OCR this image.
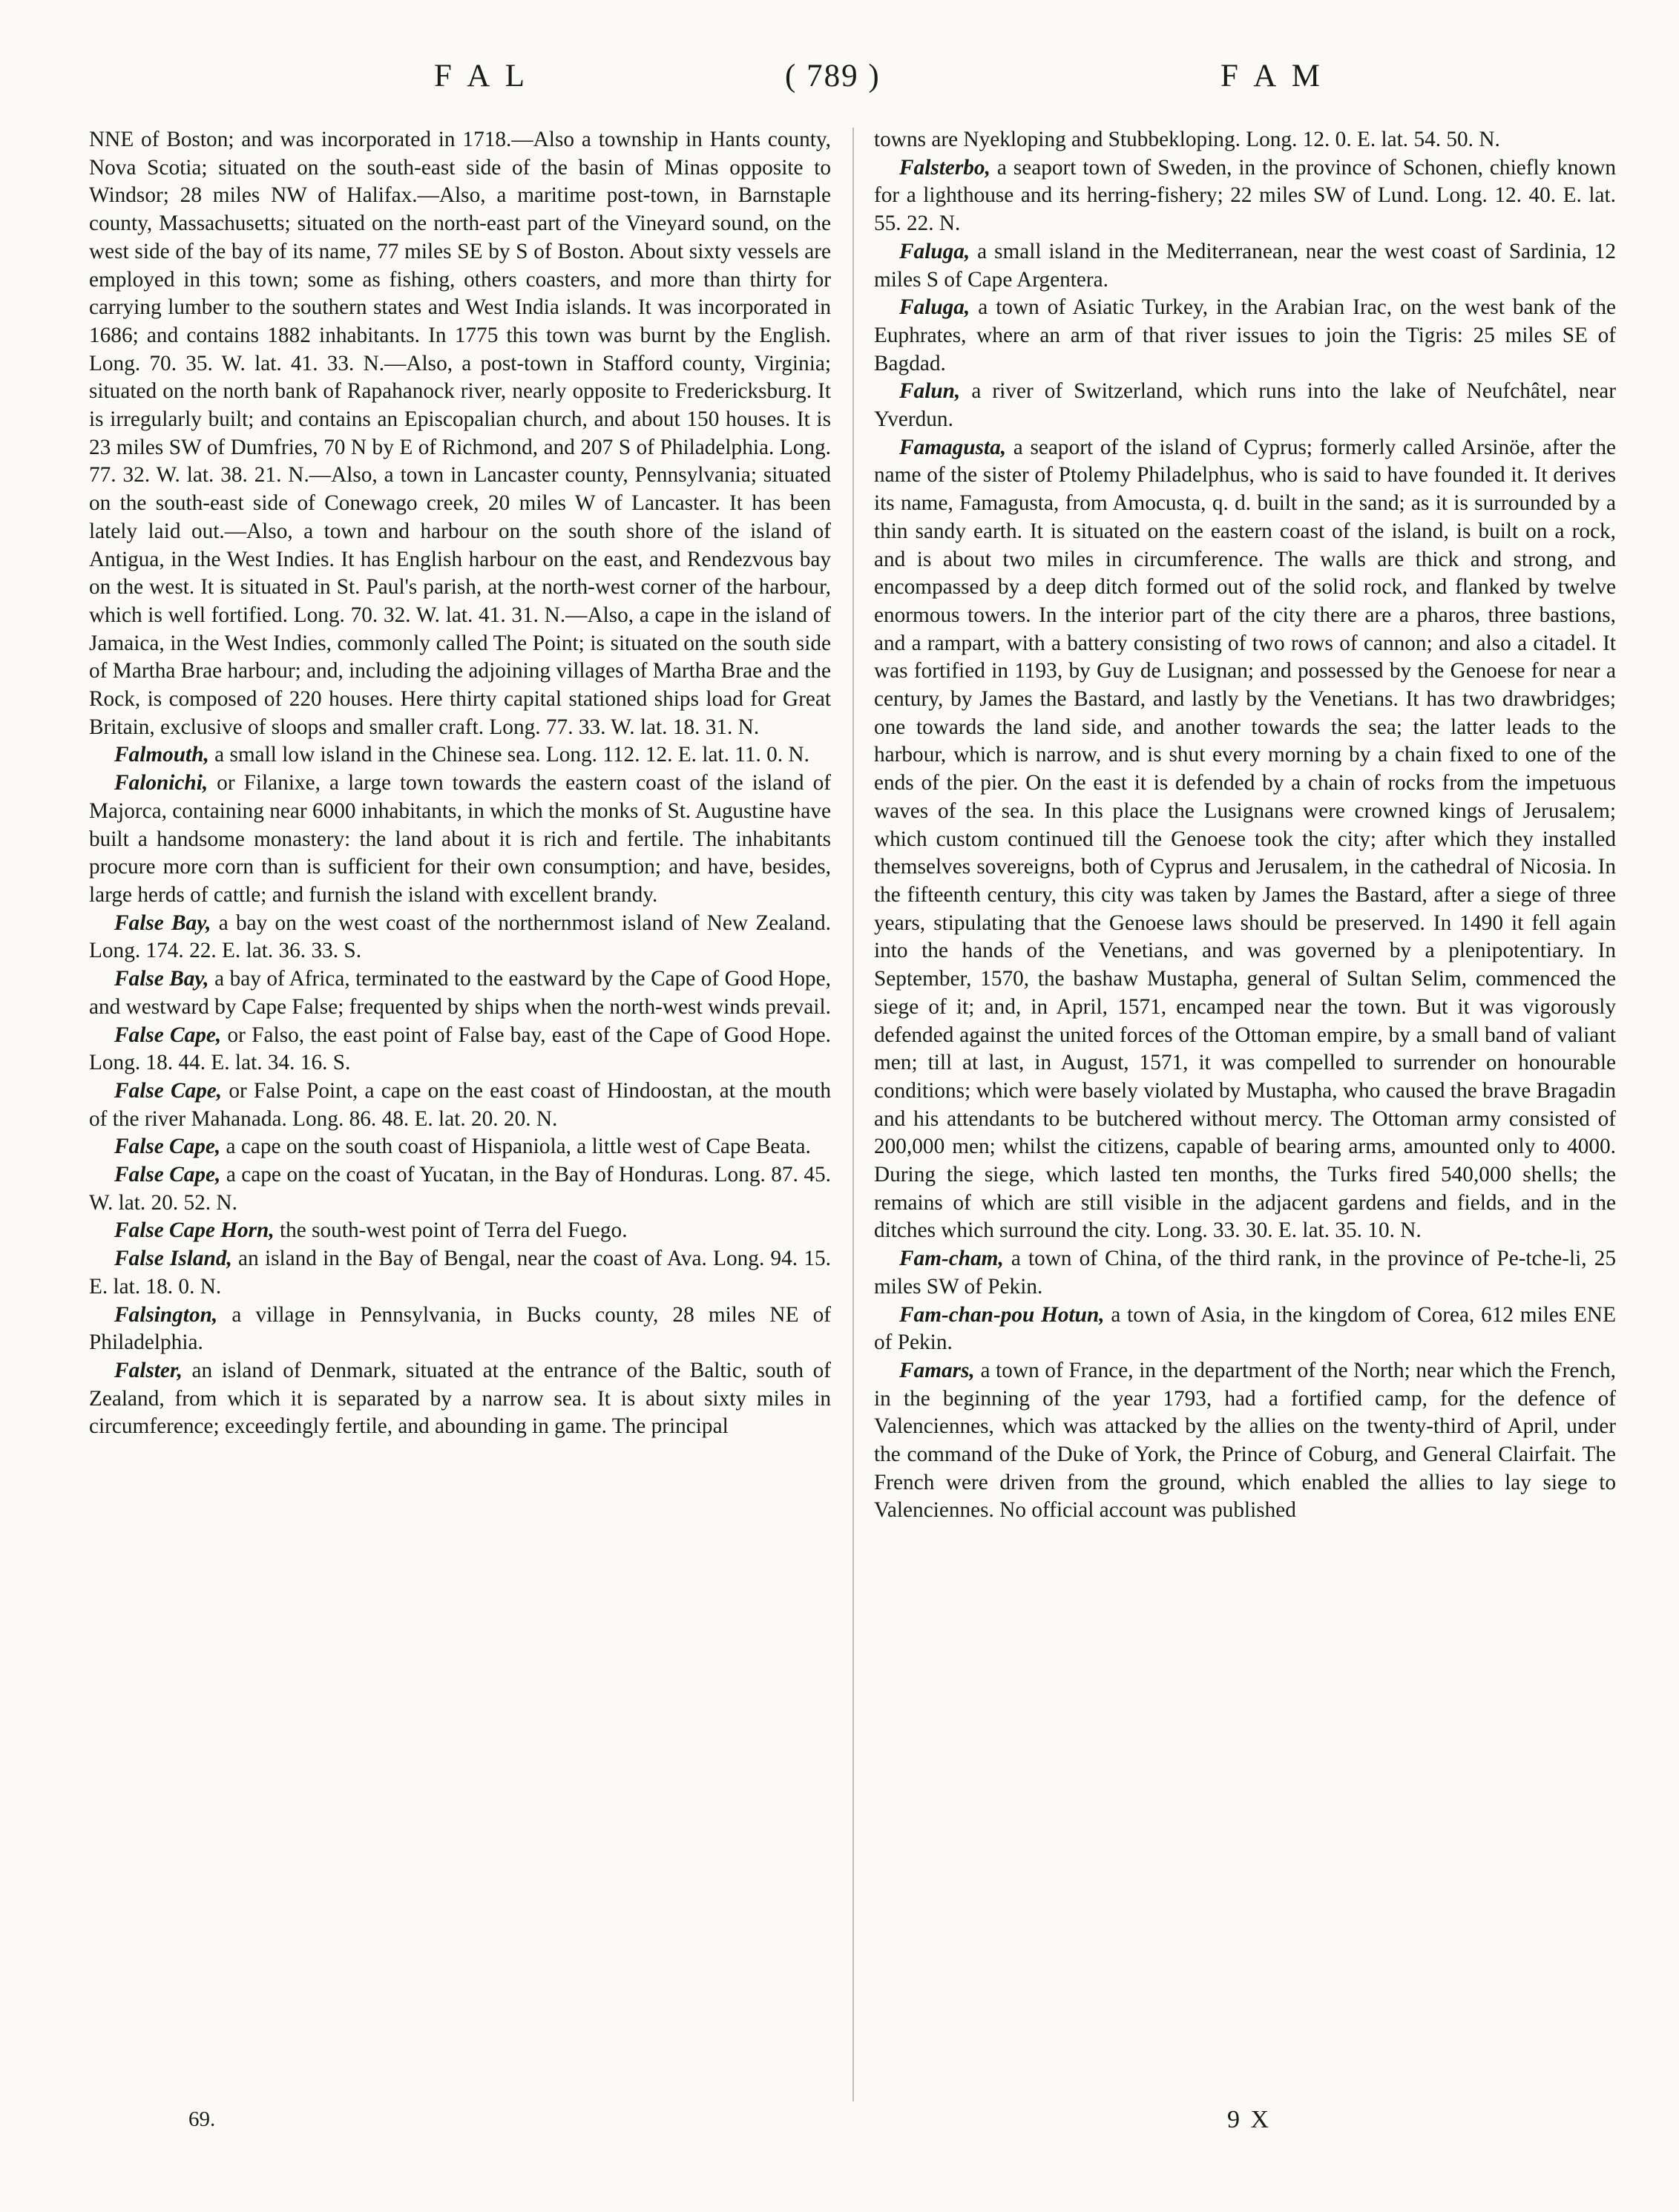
F A L	( 789 )	F A M

NNE of Boston; and was incorporated in 1718.—Also a township in Hants county, Nova Scotia; situated on the south-east side of the basin of Minas opposite to Windsor; 28 miles NW of Halifax.—Also, a maritime post-town, in Barnstaple county, Massachusetts; situated on the north-east part of the Vineyard sound, on the west side of the bay of its name, 77 miles SE by S of Boston. About sixty vessels are employed in this town; some as fishing, others coasters, and more than thirty for carrying lumber to the southern states and West India islands. It was incorporated in 1686; and contains 1882 inhabitants. In 1775 this town was burnt by the English. Long. 70. 35. W. lat. 41. 33. N.—Also, a post-town in Stafford county, Virginia; situated on the north bank of Rapahanock river, nearly opposite to Fredericksburg. It is irregularly built; and contains an Episcopalian church, and about 150 houses. It is 23 miles SW of Dumfries, 70 N by E of Richmond, and 207 S of Philadelphia. Long. 77. 32. W. lat. 38. 21. N.—Also, a town in Lancaster county, Pennsylvania; situated on the south-east side of Conewago creek, 20 miles W of Lancaster. It has been lately laid out.—Also, a town and harbour on the south shore of the island of Antigua, in the West Indies. It has English harbour on the east, and Rendezvous bay on the west. It is situated in St. Paul's parish, at the north-west corner of the harbour, which is well fortified. Long. 70. 32. W. lat. 41. 31. N.—Also, a cape in the island of Jamaica, in the West Indies, commonly called The Point; is situated on the south side of Martha Brae harbour; and, including the adjoining villages of Martha Brae and the Rock, is composed of 220 houses. Here thirty capital stationed ships load for Great Britain, exclusive of sloops and smaller craft. Long. 77. 33. W. lat. 18. 31. N.

Falmouth, a small low island in the Chinese sea. Long. 112. 12. E. lat. 11. 0. N.

Falonichi, or Filanixe, a large town towards the eastern coast of the island of Majorca, containing near 6000 inhabitants, in which the monks of St. Augustine have built a handsome monastery: the land about it is rich and fertile. The inhabitants procure more corn than is sufficient for their own consumption; and have, besides, large herds of cattle; and furnish the island with excellent brandy.

False Bay, a bay on the west coast of the northernmost island of New Zealand. Long. 174. 22. E. lat. 36. 33. S.

False Bay, a bay of Africa, terminated to the eastward by the Cape of Good Hope, and westward by Cape False; frequented by ships when the north-west winds prevail.

False Cape, or Falso, the east point of False bay, east of the Cape of Good Hope. Long. 18. 44. E. lat. 34. 16. S.

False Cape, or False Point, a cape on the east coast of Hindoostan, at the mouth of the river Mahanada. Long. 86. 48. E. lat. 20. 20. N.

False Cape, a cape on the south coast of Hispaniola, a little west of Cape Beata.

False Cape, a cape on the coast of Yucatan, in the Bay of Honduras. Long. 87. 45. W. lat. 20. 52. N.

False Cape Horn, the south-west point of Terra del Fuego.

False Island, an island in the Bay of Bengal, near the coast of Ava. Long. 94. 15. E. lat. 18. 0. N.

Falsington, a village in Pennsylvania, in Bucks county, 28 miles NE of Philadelphia.

Falster, an island of Denmark, situated at the entrance of the Baltic, south of Zealand, from which it is separated by a narrow sea. It is about sixty miles in circumference; exceedingly fertile, and abounding in game. The principal

towns are Nyekloping and Stubbekloping. Long. 12. 0. E. lat. 54. 50. N.

Falsterbo, a seaport town of Sweden, in the province of Schonen, chiefly known for a lighthouse and its herring-fishery; 22 miles SW of Lund. Long. 12. 40. E. lat. 55. 22. N.

Faluga, a small island in the Mediterranean, near the west coast of Sardinia, 12 miles S of Cape Argentera.

Faluga, a town of Asiatic Turkey, in the Arabian Irac, on the west bank of the Euphrates, where an arm of that river issues to join the Tigris: 25 miles SE of Bagdad.

Falun, a river of Switzerland, which runs into the lake of Neufchâtel, near Yverdun.

Famagusta, a seaport of the island of Cyprus; formerly called Arsinöe, after the name of the sister of Ptolemy Philadelphus, who is said to have founded it. It derives its name, Famagusta, from Amocusta, q. d. built in the sand; as it is surrounded by a thin sandy earth. It is situated on the eastern coast of the island, is built on a rock, and is about two miles in circumference. The walls are thick and strong, and encompassed by a deep ditch formed out of the solid rock, and flanked by twelve enormous towers. In the interior part of the city there are a pharos, three bastions, and a rampart, with a battery consisting of two rows of cannon; and also a citadel. It was fortified in 1193, by Guy de Lusignan; and possessed by the Genoese for near a century, by James the Bastard, and lastly by the Venetians. It has two drawbridges; one towards the land side, and another towards the sea; the latter leads to the harbour, which is narrow, and is shut every morning by a chain fixed to one of the ends of the pier. On the east it is defended by a chain of rocks from the impetuous waves of the sea. In this place the Lusignans were crowned kings of Jerusalem; which custom continued till the Genoese took the city; after which they installed themselves sovereigns, both of Cyprus and Jerusalem, in the cathedral of Nicosia. In the fifteenth century, this city was taken by James the Bastard, after a siege of three years, stipulating that the Genoese laws should be preserved. In 1490 it fell again into the hands of the Venetians, and was governed by a plenipotentiary. In September, 1570, the bashaw Mustapha, general of Sultan Selim, commenced the siege of it; and, in April, 1571, encamped near the town. But it was vigorously defended against the united forces of the Ottoman empire, by a small band of valiant men; till at last, in August, 1571, it was compelled to surrender on honourable conditions; which were basely violated by Mustapha, who caused the brave Bragadin and his attendants to be butchered without mercy. The Ottoman army consisted of 200,000 men; whilst the citizens, capable of bearing arms, amounted only to 4000. During the siege, which lasted ten months, the Turks fired 540,000 shells; the remains of which are still visible in the adjacent gardens and fields, and in the ditches which surround the city. Long. 33. 30. E. lat. 35. 10. N.

Fam-cham, a town of China, of the third rank, in the province of Pe-tche-li, 25 miles SW of Pekin.

Fam-chan-pou Hotun, a town of Asia, in the kingdom of Corea, 612 miles ENE of Pekin.

Famars, a town of France, in the department of the North; near which the French, in the beginning of the year 1793, had a fortified camp, for the defence of Valenciennes, which was attacked by the allies on the twenty-third of April, under the command of the Duke of York, the Prince of Coburg, and General Clairfait. The French were driven from the ground, which enabled the allies to lay siege to Valenciennes. No official account was published

69.	9 X
